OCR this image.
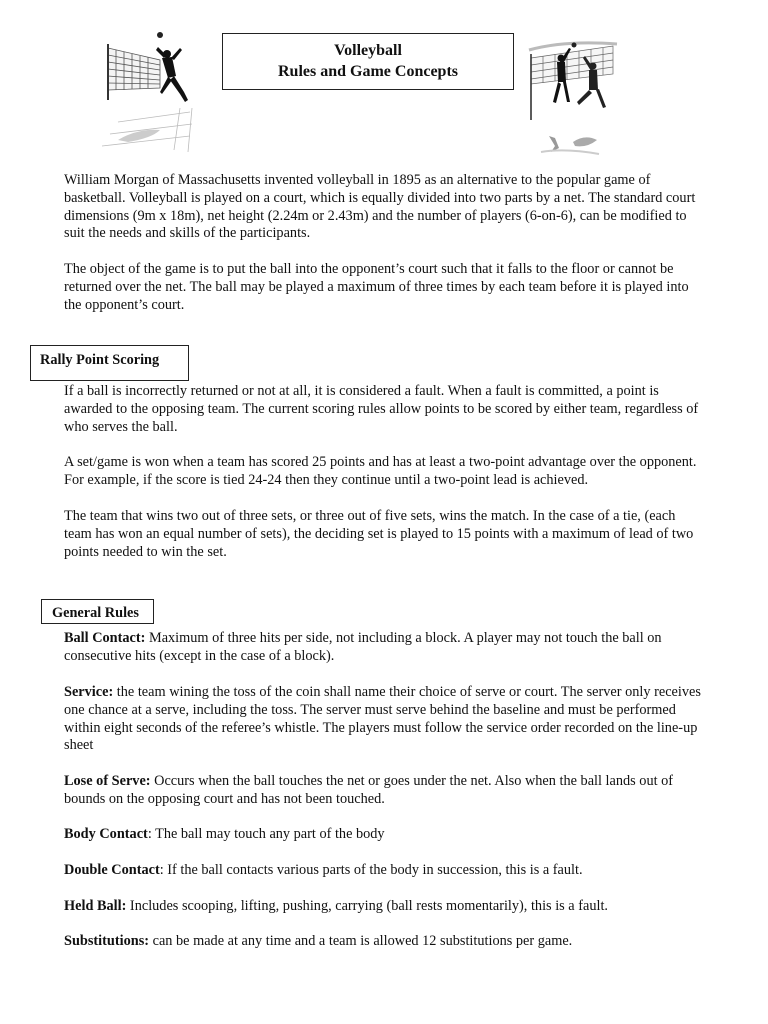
Volleyball
Rules and Game Concepts

William Morgan of Massachusetts invented volleyball in 1895 as an alternative to the popular game of basketball. Volleyball is played on a court, which is equally divided into two parts by a net. The standard court dimensions (9m x 18m), net height (2.24m or 2.43m) and the number of players (6-on-6), can be modified to suit the needs and skills of the participants.

The object of the game is to put the ball into the opponent’s court such that it falls to the floor or cannot be returned over the net. The ball may be played a maximum of three times by each team before it is played into the opponent’s court.

Rally Point Scoring

If a ball is incorrectly returned or not at all, it is considered a fault. When a fault is committed, a point is awarded to the opposing team. The current scoring rules allow points to be scored by either team, regardless of who serves the ball.

A set/game is won when a team has scored 25 points and has at least a two-point advantage over the opponent. For example, if the score is tied 24-24 then they continue until a two-point lead is achieved.

The team that wins two out of three sets, or three out of five sets, wins the match. In the case of a tie, (each team has won an equal number of sets), the deciding set is played to 15 points with a maximum of lead of two points needed to win the set.

General Rules

Ball Contact: Maximum of three hits per side, not including a block. A player may not touch the ball on consecutive hits (except in the case of a block).

Service: the team wining the toss of the coin shall name their choice of serve or court. The server only receives one chance at a serve, including the toss. The server must serve behind the baseline and must be performed within eight seconds of the referee’s whistle. The players must follow the service order recorded on the line-up sheet

Lose of Serve: Occurs when the ball touches the net or goes under the net. Also when the ball lands out of bounds on the opposing court and has not been touched.

Body Contact: The ball may touch any part of the body

Double Contact: If the ball contacts various parts of the body in succession, this is a fault.

Held Ball: Includes scooping, lifting, pushing, carrying (ball rests momentarily), this is a fault.

Substitutions: can be made at any time and a team is allowed 12 substitutions per game.
